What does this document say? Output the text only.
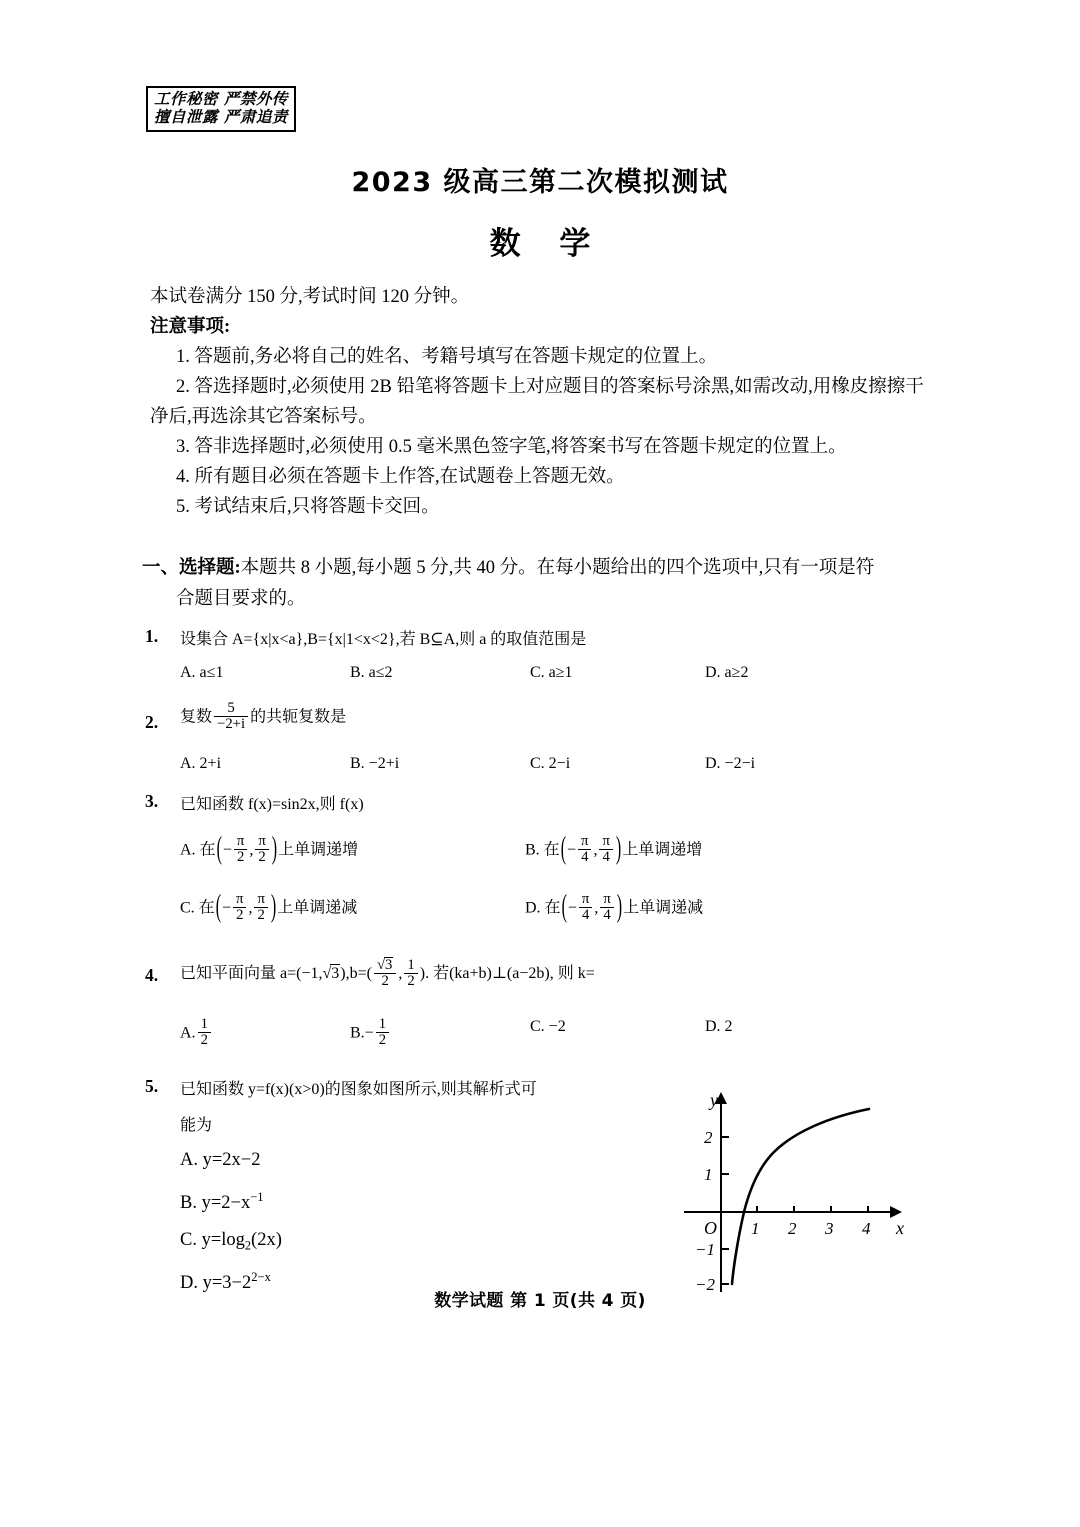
工作秘密 严禁外传
擅自泄露 严肃追责
2023 级高三第二次模拟测试
数 学
本试卷满分 150 分,考试时间 120 分钟。
注意事项:
1. 答题前,务必将自己的姓名、考籍号填写在答题卡规定的位置上。
2. 答选择题时,必须使用 2B 铅笔将答题卡上对应题目的答案标号涂黑,如需改动,用橡皮擦擦干净后,再选涂其它答案标号。
3. 答非选择题时,必须使用 0.5 毫米黑色签字笔,将答案书写在答题卡规定的位置上。
4. 所有题目必须在答题卡上作答,在试题卷上答题无效。
5. 考试结束后,只将答题卡交回。
一、选择题:本题共 8 小题,每小题 5 分,共 40 分。在每小题给出的四个选项中,只有一项是符
合题目要求的。
1. 设集合 A={x|x<a},B={x|1<x<2},若 B⊆A,则 a 的取值范围是
A. a≤1	B. a≤2	C. a≥1	D. a≥2
2. 复数 $\frac{5}{-2+i}$ 的共轭复数是
A. 2+i	B. −2+i	C. 2−i	D. −2−i
3. 已知函数 f(x)=sin2x,则 f(x)
A. 在(− $\frac{\pi}{2}$ , $\frac{\pi}{2}$ )上单调递增	B. 在(− $\frac{\pi}{4}$ , $\frac{\pi}{4}$ )上单调递增
C. 在(− $\frac{\pi}{2}$ , $\frac{\pi}{2}$ )上单调递减	D. 在(− $\frac{\pi}{4}$ , $\frac{\pi}{4}$ )上单调递减
4. 已知平面向量 $a=(-1,√3),b=( \frac{√3}{2}$ , $\frac{1}{2}$ ). 若(ka+b)⊥(a−2b), 则 k=
A. $\frac{1}{2}$	$B.- \frac{1}{2}$	C. −2	D. 2
5. 已知函数 y=f(x)(x>0)的图象如图所示,则其解析式可
能为
A. y=2x−2
B. $y=2-x^{-1}$
C. $y=\log_2(2x)$
D. $y=3-2^{2-x}$
1 2 3 4
2
1
−1
−2
O	x
y
数学试题 第 1 页(共 4 页)
